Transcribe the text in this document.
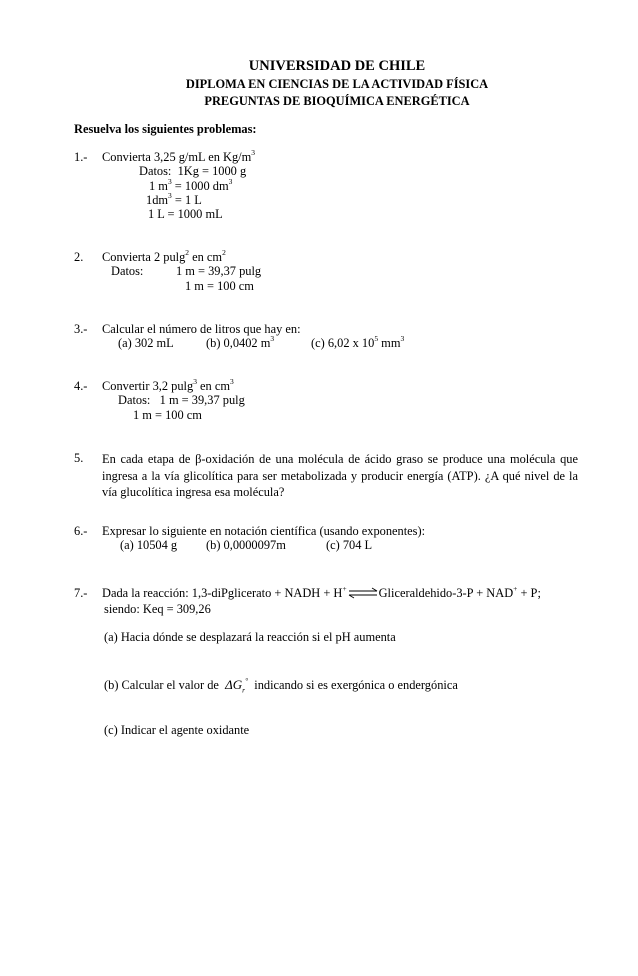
UNIVERSIDAD DE CHILE
DIPLOMA EN CIENCIAS DE LA ACTIVIDAD FÍSICA
PREGUNTAS DE BIOQUÍMICA ENERGÉTICA
Resuelva los siguientes problemas:
1.- Convierta 3,25 g/mL en $Kg/m^3$
Datos: 1Kg = 1000 g
1 $m^3 = 1000$ $dm^3$
$1dm^3 = 1$ L
1 L = 1000 mL
2. Convierta 2 pulg$^2$ en $cm^2$
Datos:	1 m = 39,37 pulg
1 m = 100 cm
3.- Calcular el número de litros que hay en:
(a) 302 mL	(b) 0,0402 $m^3$	(c) 6,02 x $10^5$ $mm^3$
4.- Convertir 3,2 pulg$^3$ en $cm^3$
Datos: 1 m = 39,37 pulg
1 m = 100 cm
5. En cada etapa de β-oxidación de una molécula de ácido graso se produce una molécula que ingresa a la vía glicolítica para ser metabolizada y producir energía (ATP). ¿A qué nivel de la vía glucolítica ingresa esa molécula?
6.- Expresar lo siguiente en notación científica (usando exponentes):
(a) 10504 g (b) 0,0000097m	(c) 704 L
7.- Dada la reacción: 1,3-diPglicerato + NADH + H+⇌Gliceraldehido-3-P + NAD+ + P;
siendo: Keq = 309,26
(a) Hacia dónde se desplazará la reacción si el pH aumenta
(b) Calcular el valor de $\Delta G_r^\circ$ indicando si es exergónica o endergónica
(c) Indicar el agente oxidante
